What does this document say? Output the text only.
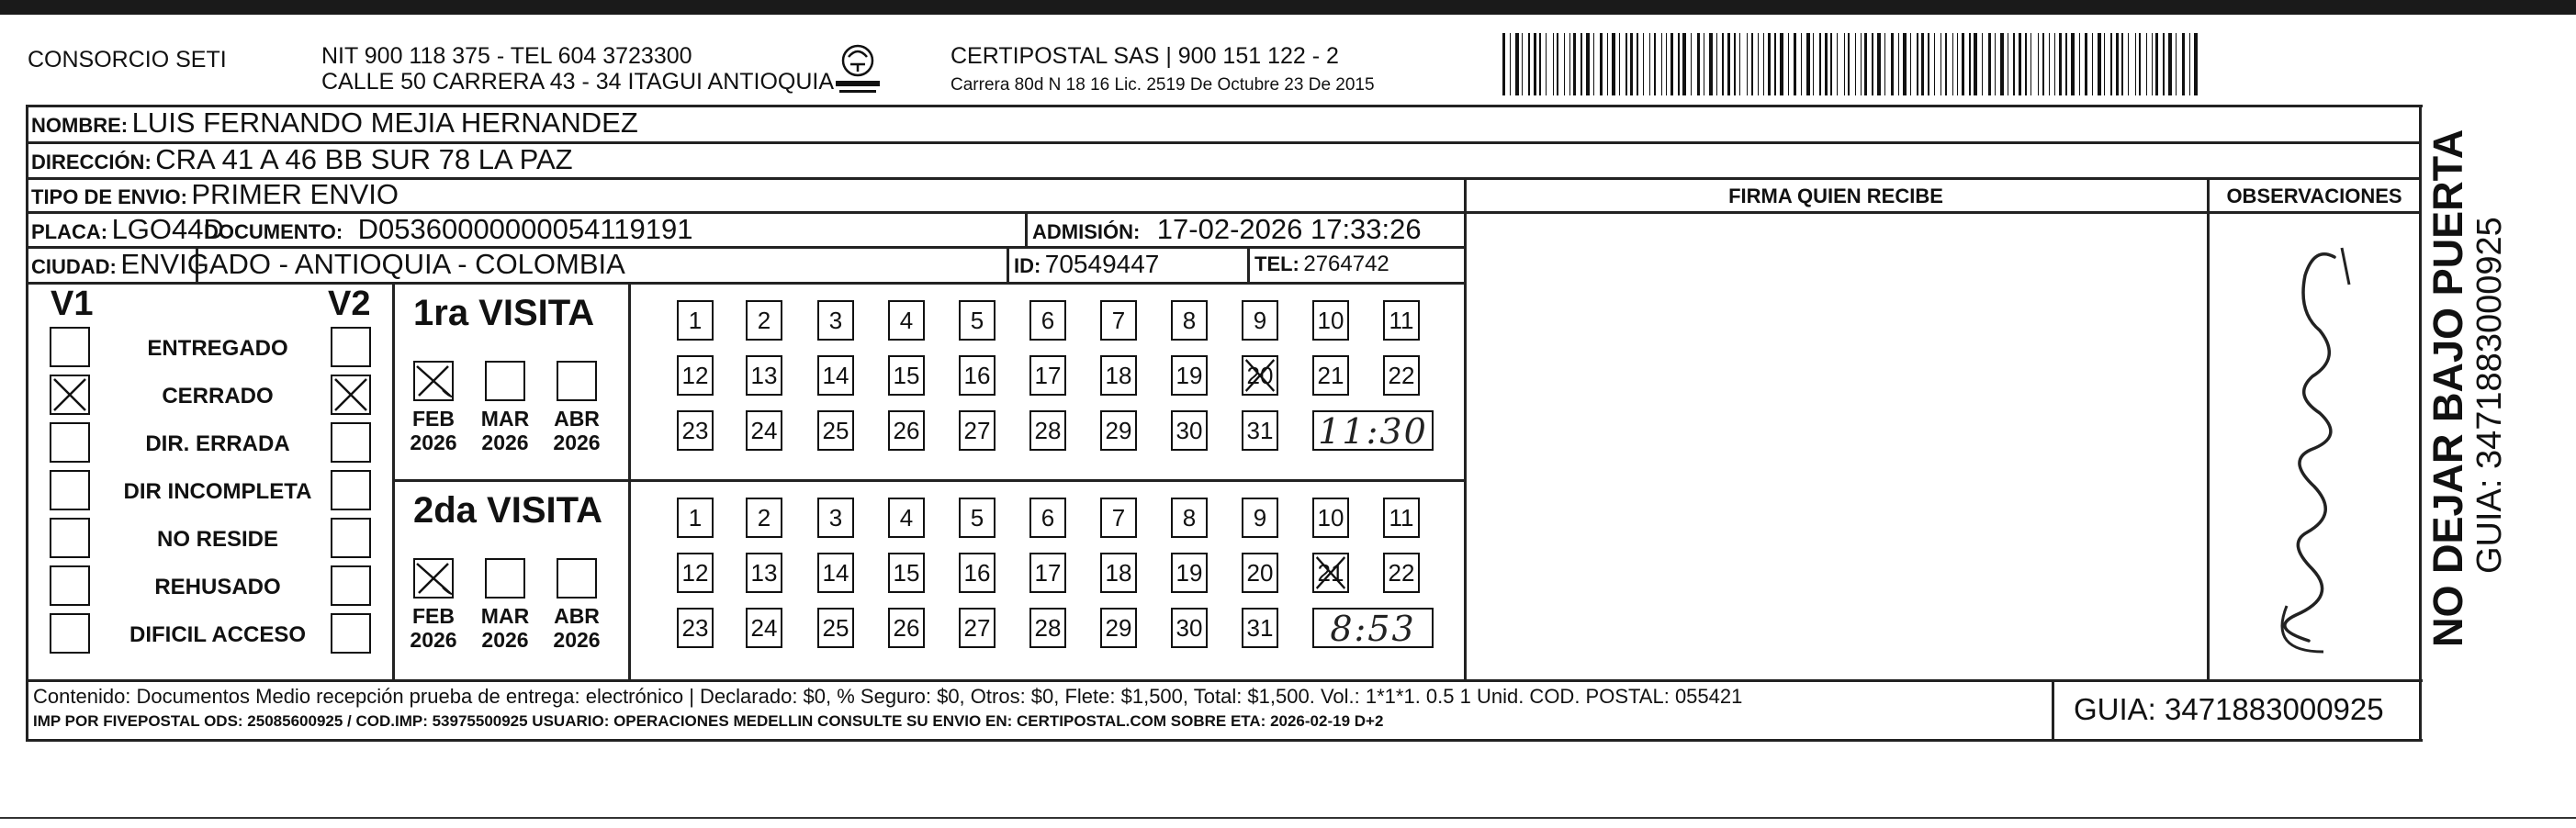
CONSORCIO SETI	NIT 900 118 375 - TEL 604 3723300
CALLE 50 CARRERA 43 - 34 ITAGUI ANTIOQUIA
CERTIPOSTAL SAS | 900 151 122 - 2
Carrera 80d N 18 16 Lic. 2519 De Octubre 23 De 2015
NOMBRE: LUIS FERNANDO MEJIA HERNANDEZ
DIRECCIÓN: CRA 41 A 46 BB SUR 78 LA PAZ
TIPO DE ENVIO: PRIMER ENVIO
PLACA: LGO44D
DOCUMENTO: D05360000000054119191	ADMISIÓN: 17-02-2026 17:33:26
CIUDAD: ENVIGADO - ANTIOQUIA - COLOMBIA	ID: 70549447	TEL: 2764742
FIRMA QUIEN RECIBE	OBSERVACIONES
V1	V2
ENTREGADO
CERRADO
DIR. ERRADA
DIR INCOMPLETA
NO RESIDE
REHUSADO
DIFICIL ACCESO
1ra VISITA
FEB
2026
MAR
2026
ABR
2026
1	2	3	4	5	6	7	8	9	10 11
12 13 14 15 16 17 18 19 20 21 22
23 24 25 26 27 28 29 30 31 11:30
2da VISITA
FEB
2026
MAR
2026
ABR
2026
1	2	3	4	5	6	7	8	9	10 11
12 13 14 15 16 17 18 19 20 21 22
23 24 25 26 27 28 29 30 31	8:53
Contenido: Documentos Medio recepción prueba de entrega: electrónico | Declarado: $0, % Seguro: $0, Otros: $0, Flete: $1,500, Total: $1,500. Vol.: 1*1*1. 0.5 1 Unid. COD. POSTAL: 055421
IMP POR FIVEPOSTAL ODS: 25085600925 / COD.IMP: 53975500925 USUARIO: OPERACIONES MEDELLIN CONSULTE SU ENVIO EN: CERTIPOSTAL.COM SOBRE ETA: 2026-02-19 D+2	GUIA: 3471883000925
NO DEJAR BAJO PUERTA GUIA: 3471883000925
